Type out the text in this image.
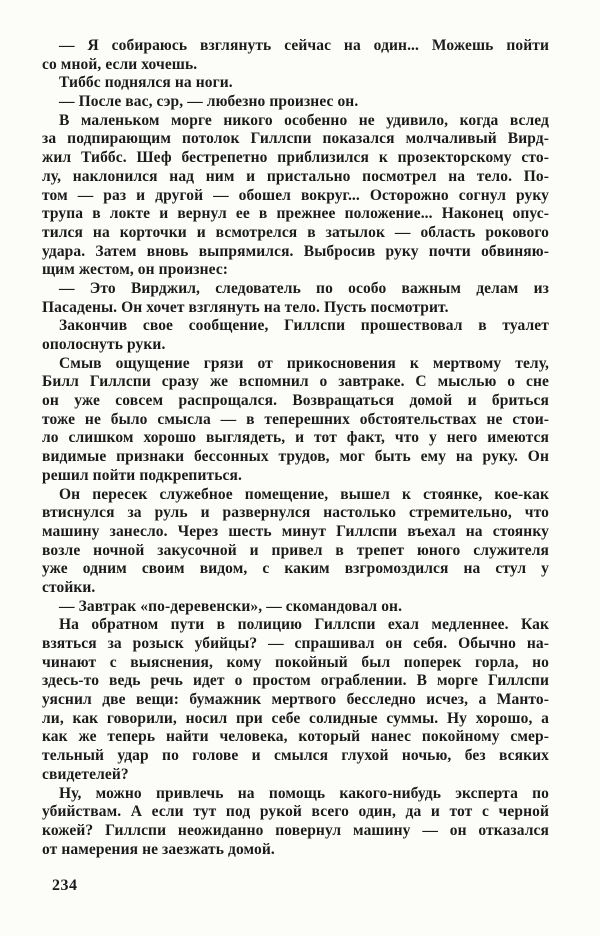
— Я собираюсь взглянуть сейчас на один... Можешь пойти
со мной, если хочешь.
Тиббс поднялся на ноги.
— После вас, сэр, — любезно произнес он.
В маленьком морге никого особенно не удивило, когда вслед
за подпирающим потолок Гиллспи показался молчаливый Вирд-
жил Тиббс. Шеф бестрепетно приблизился к прозекторскому сто-
лу, наклонился над ним и пристально посмотрел на тело. По-
том — раз и другой — обошел вокруг... Осторожно согнул руку
трупа в локте и вернул ее в прежнее положение... Наконец опус-
тился на корточки и всмотрелся в затылок — область рокового
удара. Затем вновь выпрямился. Выбросив руку почти обвиняю-
щим жестом, он произнес:
— Это Вирджил, следователь по особо важным делам из
Пасадены. Он хочет взглянуть на тело. Пусть посмотрит.
Закончив свое сообщение, Гиллспи прошествовал в туалет
ополоснуть руки.
Смыв ощущение грязи от прикосновения к мертвому телу,
Билл Гиллспи сразу же вспомнил о завтраке. С мыслью о сне
он уже совсем распрощался. Возвращаться домой и бриться
тоже не было смысла — в теперешних обстоятельствах не стои-
ло слишком хорошо выглядеть, и тот факт, что у него имеются
видимые признаки бессонных трудов, мог быть ему на руку. Он
решил пойти подкрепиться.
Он пересек служебное помещение, вышел к стоянке, кое-как
втиснулся за руль и развернулся настолько стремительно, что
машину занесло. Через шесть минут Гиллспи въехал на стоянку
возле ночной закусочной и привел в трепет юного служителя
уже одним своим видом, с каким взгромоздился на стул у
стойки.
— Завтрак «по-деревенски», — скомандовал он.
На обратном пути в полицию Гиллспи ехал медленнее. Как
взяться за розыск убийцы? — спрашивал он себя. Обычно на-
чинают с выяснения, кому покойный был поперек горла, но
здесь-то ведь речь идет о простом ограблении. В морге Гиллспи
уяснил две вещи: бумажник мертвого бесследно исчез, а Манто-
ли, как говорили, носил при себе солидные суммы. Ну хорошо, а
как же теперь найти человека, который нанес покойному смер-
тельный удар по голове и смылся глухой ночью, без всяких
свидетелей?
Ну, можно привлечь на помощь какого-нибудь эксперта по
убийствам. А если тут под рукой всего один, да и тот с черной
кожей? Гиллспи неожиданно повернул машину — он отказался
от намерения не заезжать домой.
234
